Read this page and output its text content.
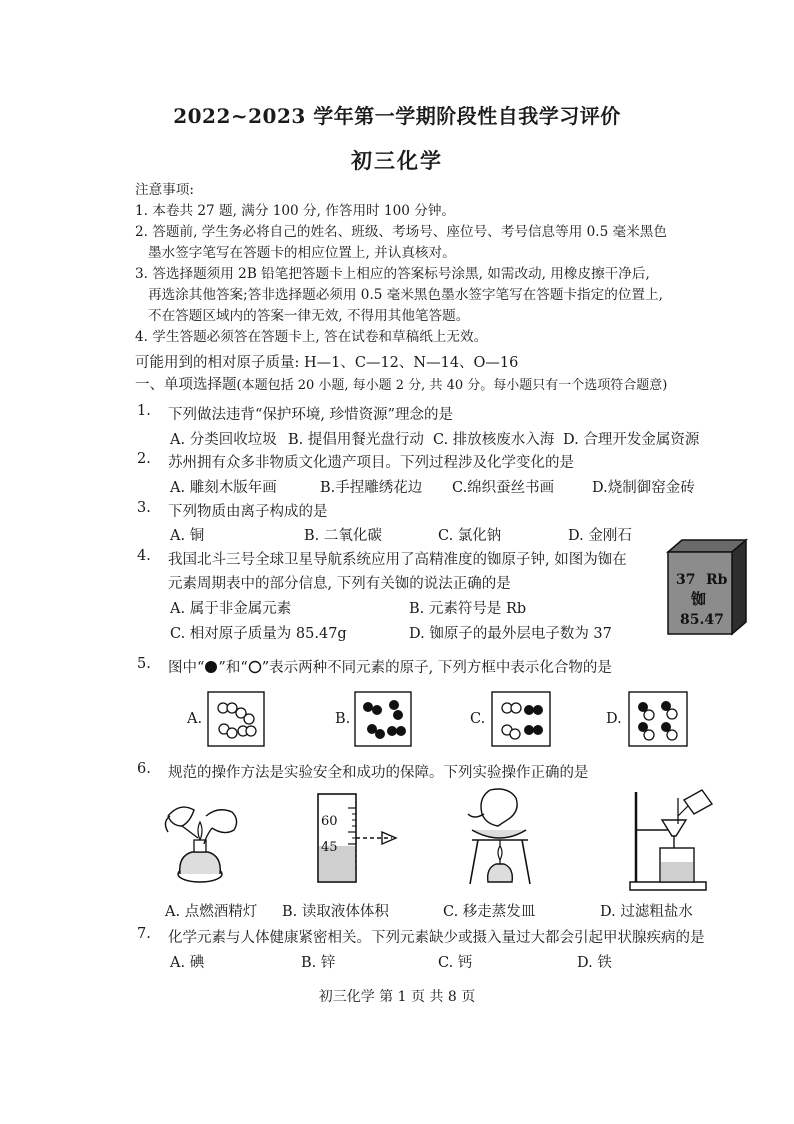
2022~2023 学年第一学期阶段性自我学习评价
初三化学
注意事项:
1. 本卷共 27 题, 满分 100 分, 作答用时 100 分钟。
2. 答题前, 学生务必将自己的姓名、班级、考场号、座位号、考号信息等用 0.5 毫米黑色
墨水签字笔写在答题卡的相应位置上, 并认真核对。
3. 答选择题须用 2B 铅笔把答题卡上相应的答案标号涂黑, 如需改动, 用橡皮擦干净后,
再选涂其他答案;答非选择题必须用 0.5 毫米黑色墨水签字笔写在答题卡指定的位置上,
不在答题区域内的答案一律无效, 不得用其他笔答题。
4. 学生答题必须答在答题卡上, 答在试卷和草稿纸上无效。
可能用到的相对原子质量: H—1、C—12、N—14、O—16
一、单项选择题(本题包括 20 小题, 每小题 2 分, 共 40 分。每小题只有一个选项符合题意)
1. 下列做法违背“保护环境, 珍惜资源”理念的是
A. 分类回收垃圾 B. 提倡用餐光盘行动 C. 排放核废水入海 D. 合理开发金属资源
2. 苏州拥有众多非物质文化遗产项目。下列过程涉及化学变化的是
A. 雕刻木版年画	B.手捏雕绣花边 C.绵织蚕丝书画	D.烧制御窑金砖
3. 下列物质由离子构成的是
A. 铜	B. 二氧化碳	C. 氯化钠	D. 金刚石
4. 我国北斗三号全球卫星导航系统应用了高精准度的铷原子钟, 如图为铷在
元素周期表中的部分信息, 下列有关铷的说法正确的是
A. 属于非金属元素	B. 元素符号是 Rb
C. 相对原子质量为 85.47g	D. 铷原子的最外层电子数为 37
37 Rb
铷
85.47
5. 图中“ ”和“ ”表示两种不同元素的原子, 下列方框中表示化合物的是
A.	B.	C.	D.
6. 规范的操作方法是实验安全和成功的保障。下列实验操作正确的是
60
45
A. 点燃酒精灯 B. 读取液体体积	C. 移走蒸发皿	D. 过滤粗盐水
7. 化学元素与人体健康紧密相关。下列元素缺少或摄入量过大都会引起甲状腺疾病的是
A. 碘	B. 锌	C. 钙	D. 铁
初三化学 第 1 页 共 8 页
